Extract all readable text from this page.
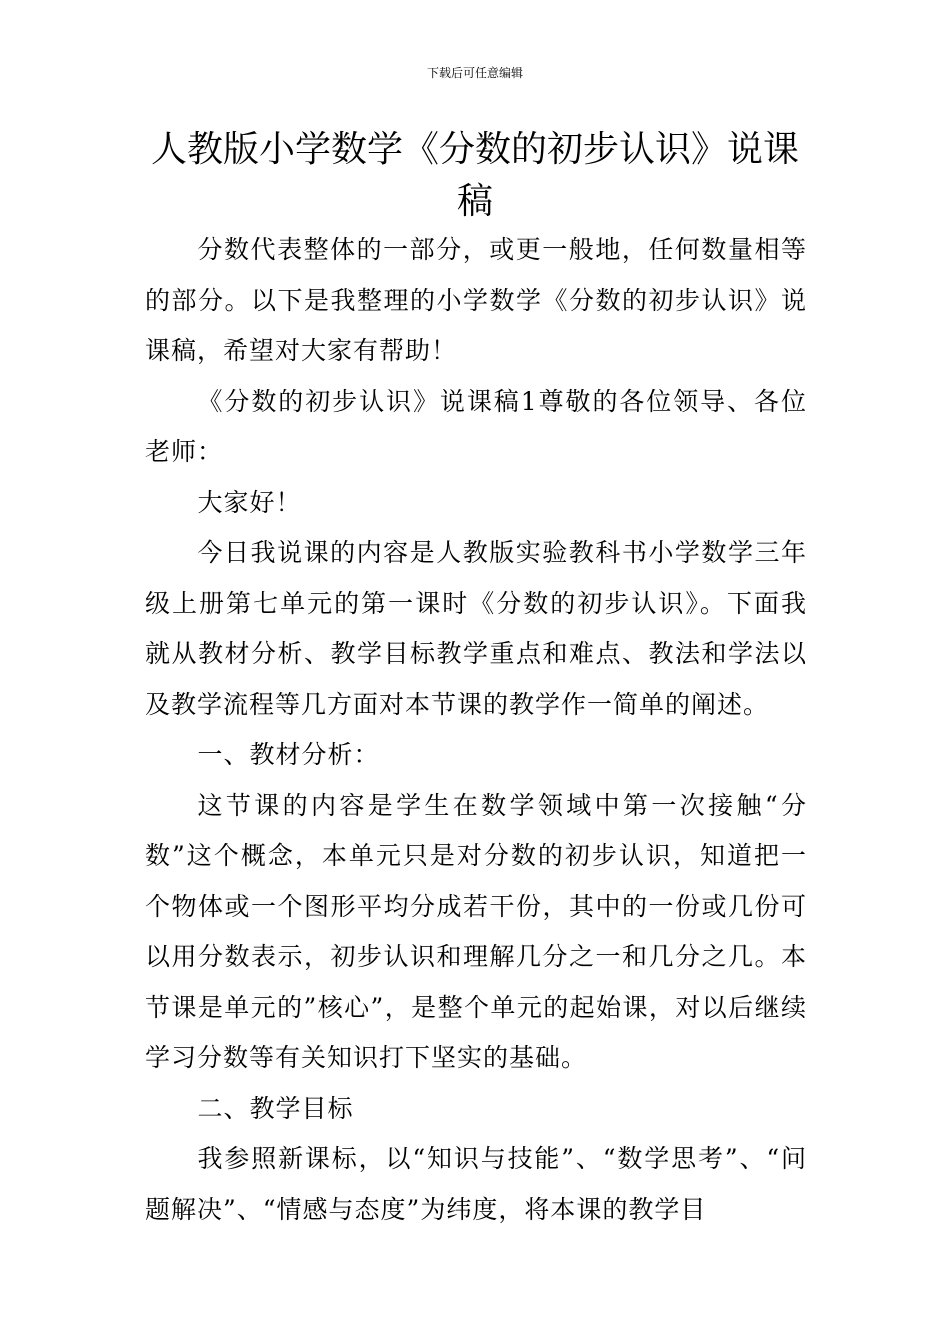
下载后可任意编辑
人教版小学数学《分数的初步认识》说课稿

分数代表整体的一部分，或更一般地，任何数量相等的部分。以下是我整理的小学数学《分数的初步认识》说课稿，希望对大家有帮助！

《分数的初步认识》说课稿1尊敬的各位领导、各位老师：

大家好！

今日我说课的内容是人教版实验教科书小学数学三年级上册第七单元的第一课时《分数的初步认识》。下面我就从教材分析、教学目标教学重点和难点、教法和学法以及教学流程等几方面对本节课的教学作一简单的阐述。

一、教材分析：

这节课的内容是学生在数学领域中第一次接触“分数”这个概念，本单元只是对分数的初步认识，知道把一个物体或一个图形平均分成若干份，其中的一份或几份可以用分数表示，初步认识和理解几分之一和几分之几。本节课是单元的”核心”，是整个单元的起始课，对以后继续学习分数等有关知识打下坚实的基础。

二、教学目标

我参照新课标，以“知识与技能”、“数学思考”、“问题解决”、“情感与态度”为纬度，将本课的教学目
